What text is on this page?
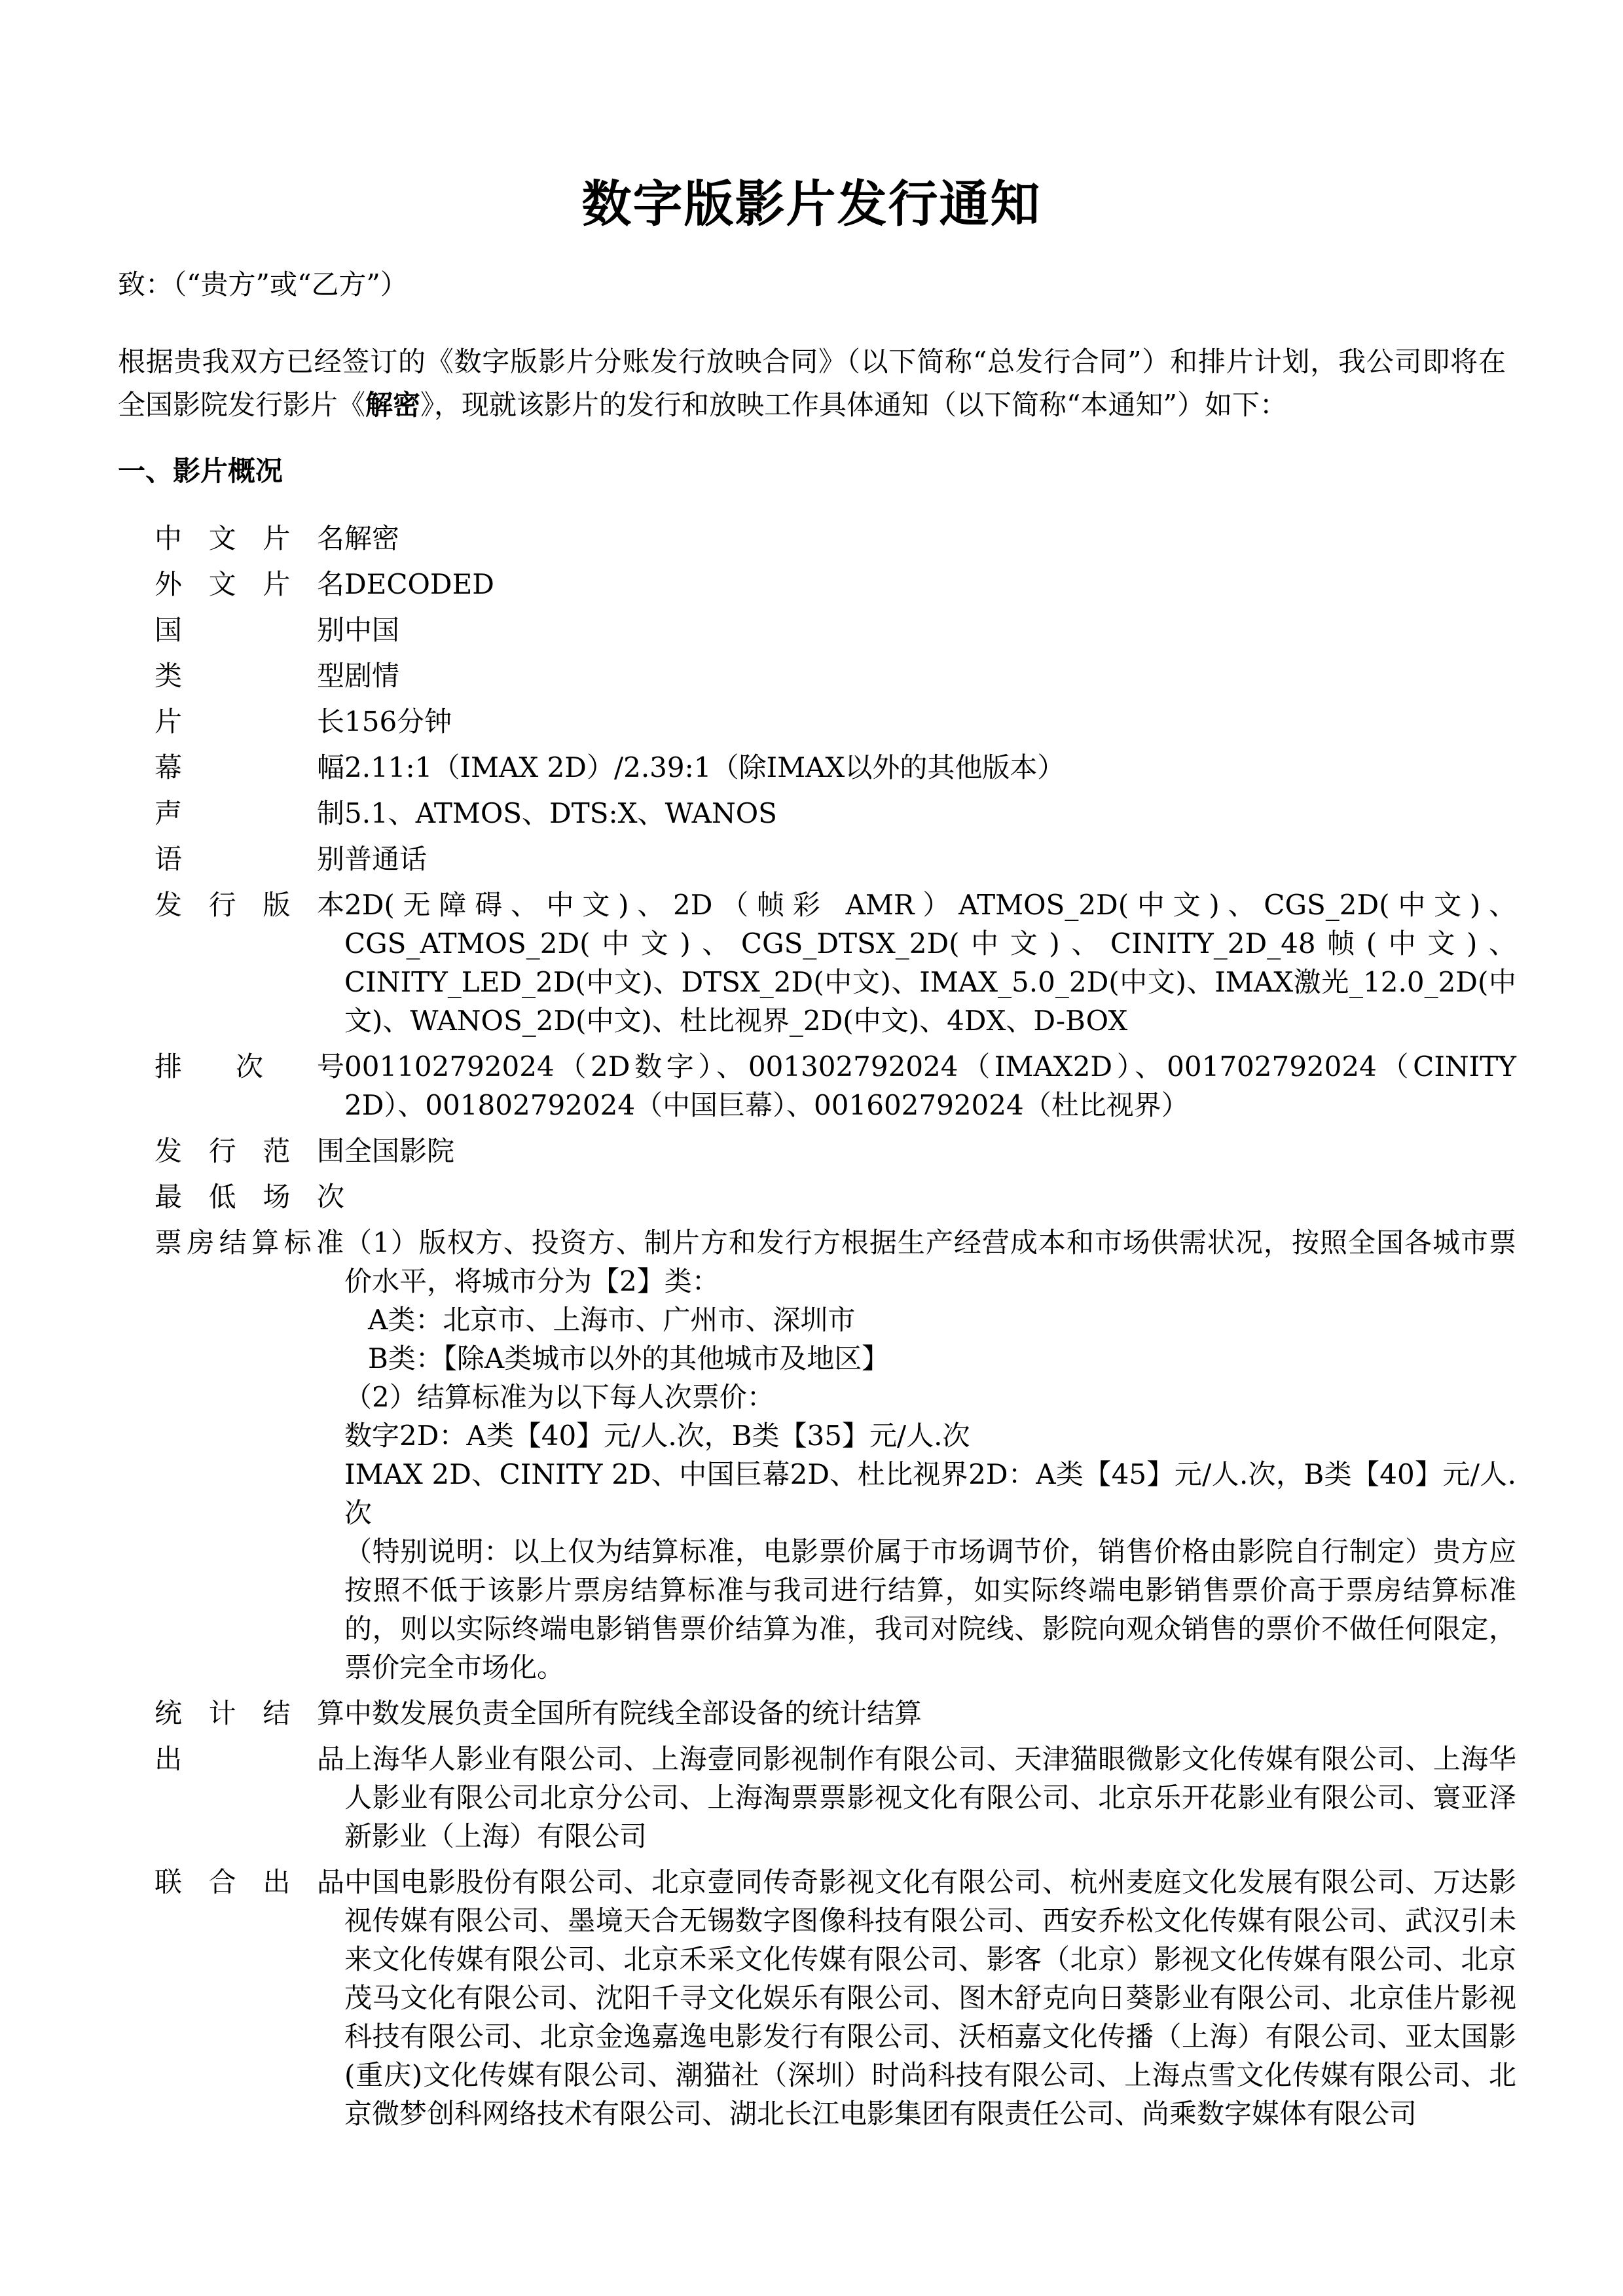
数字版影片发行通知
致：（“贵方”或“乙方”）
根据贵我双方已经签订的《数字版影片分账发行放映合同》（以下简称“总发行合同”）和排片计划，我公司即将在全国影院发行影片《解密》，现就该影片的发行和放映工作具体通知（以下简称“本通知”）如下：
一、影片概况
中文片名 解密
外文片名 DECODED
国别 中国
类型 剧情
片长 156分钟
幕幅 2.11:1（IMAX 2D）/2.39:1（除IMAX以外的其他版本）
声制 5.1、ATMOS、DTS:X、WANOS
语别 普通话
发行版本 2D(无障碍、中文)、2D（帧彩 AMR）ATMOS_2D(中文)、CGS_2D(中文)、CGS_ATMOS_2D(中文)、CGS_DTSX_2D(中文)、CINITY_2D_48帧(中文)、CINITY_LED_2D(中文)、DTSX_2D(中文)、IMAX_5.0_2D(中文)、IMAX激光_12.0_2D(中文)、WANOS_2D(中文)、杜比视界_2D(中文)、4DX、D-BOX
排次号 001102792024（2D数字）、001302792024（IMAX2D）、001702792024（CINITY 2D）、001802792024（中国巨幕）、001602792024（杜比视界）
发行范围 全国影院
最低场次

票房结算标准 （1）版权方、投资方、制片方和发行方根据生产经营成本和市场供需状况，按照全国各城市票价水平，将城市分为【2】类：
A类：北京市、上海市、广州市、深圳市
B类：【除A类城市以外的其他城市及地区】
（2）结算标准为以下每人次票价：
数字2D：A类【40】元/人.次，B类【35】元/人.次
IMAX 2D、CINITY 2D、中国巨幕2D、杜比视界2D：A类【45】元/人.次，B类【40】元/人.次
（特别说明：以上仅为结算标准，电影票价属于市场调节价，销售价格由影院自行制定）贵方应按照不低于该影片票房结算标准与我司进行结算，如实际终端电影销售票价高于票房结算标准的，则以实际终端电影销售票价结算为准，我司对院线、影院向观众销售的票价不做任何限定，票价完全市场化。
统计结算 中数发展负责全国所有院线全部设备的统计结算
出品 上海华人影业有限公司、上海壹同影视制作有限公司、天津猫眼微影文化传媒有限公司、上海华人影业有限公司北京分公司、上海淘票票影视文化有限公司、北京乐开花影业有限公司、寰亚泽新影业（上海）有限公司
联合出品 中国电影股份有限公司、北京壹同传奇影视文化有限公司、杭州麦庭文化发展有限公司、万达影视传媒有限公司、墨境天合无锡数字图像科技有限公司、西安乔松文化传媒有限公司、武汉引未来文化传媒有限公司、北京禾采文化传媒有限公司、影客（北京）影视文化传媒有限公司、北京茂马文化有限公司、沈阳千寻文化娱乐有限公司、图木舒克向日葵影业有限公司、北京佳片影视科技有限公司、北京金逸嘉逸电影发行有限公司、沃栢嘉文化传播（上海）有限公司、亚太国影(重庆)文化传媒有限公司、潮猫社（深圳）时尚科技有限公司、上海点雪文化传媒有限公司、北京微梦创科网络技术有限公司、湖北长江电影集团有限责任公司、尚乘数字媒体有限公司
